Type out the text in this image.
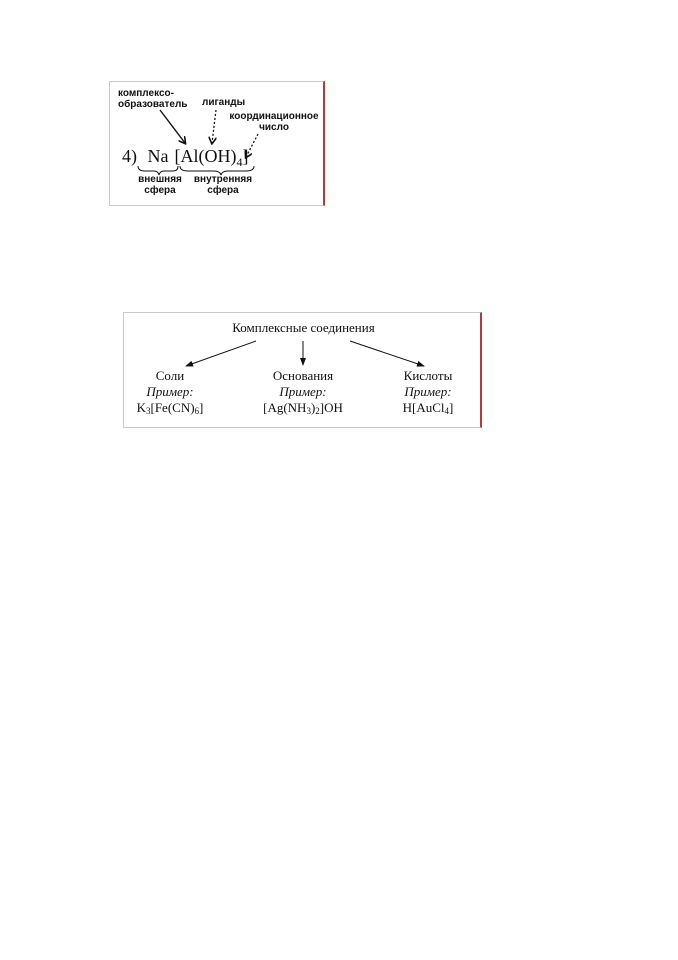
комплексо-
образователь лиганды
координационное
число
4) Na $[Al(OH)_4]$
внешняя
сфера
внутренняя
сфера
Комплексные соединения
Соли
Пример:
$K_3[Fe(CN)_6]$
Основания
Пример:
$[Ag(NH_3)_2]OH$
Кислоты
Пример:
H[AuCl$_4$]
